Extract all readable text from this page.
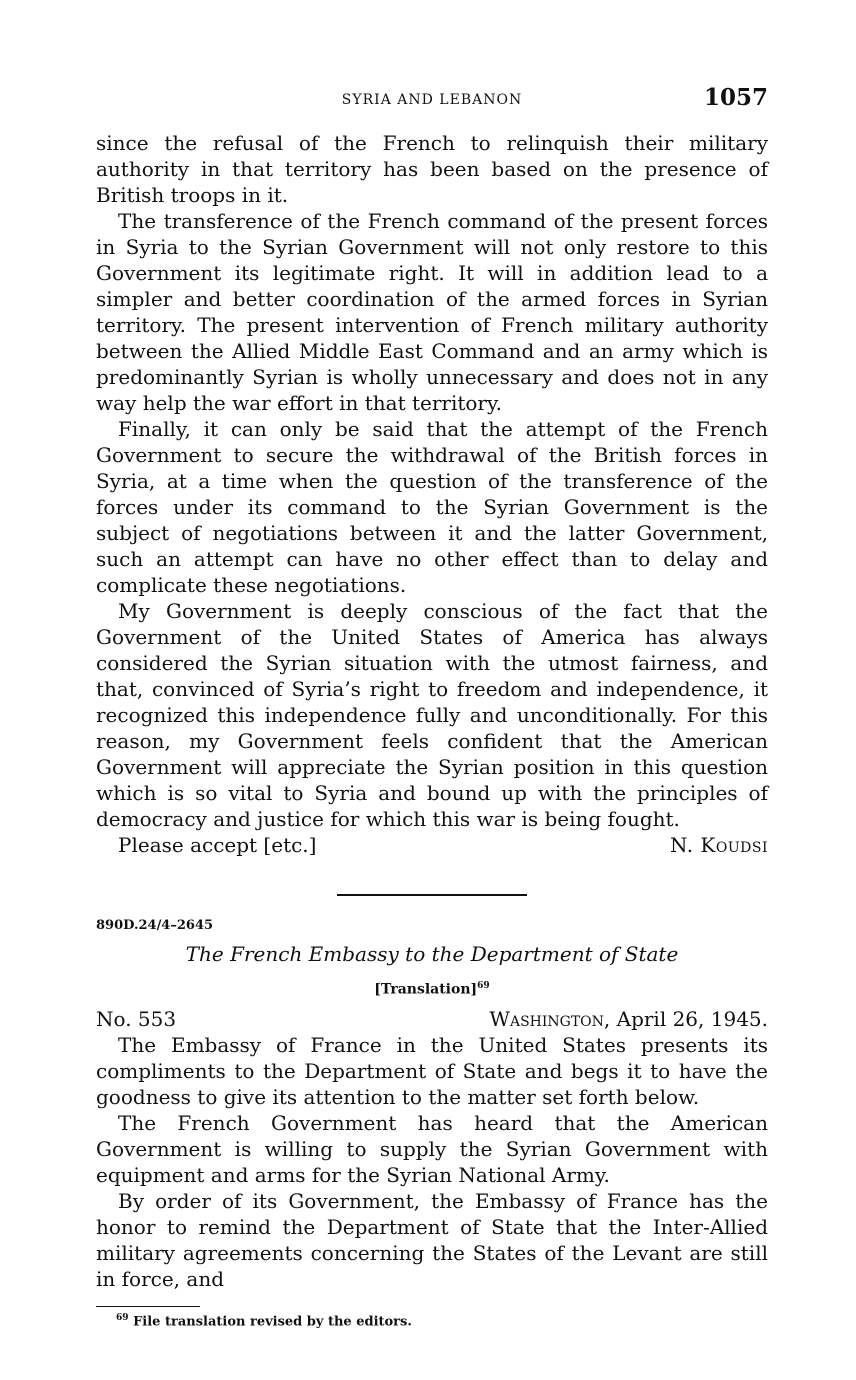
SYRIA AND LEBANON	1057

since the refusal of the French to relinquish their military authority in that territory has been based on the presence of British troops in it.

The transference of the French command of the present forces in Syria to the Syrian Government will not only restore to this Government its legitimate right. It will in addition lead to a simpler and better coordination of the armed forces in Syrian territory. The present intervention of French military authority between the Allied Middle East Command and an army which is predominantly Syrian is wholly unnecessary and does not in any way help the war effort in that territory.

Finally, it can only be said that the attempt of the French Government to secure the withdrawal of the British forces in Syria, at a time when the question of the transference of the forces under its command to the Syrian Government is the subject of negotiations between it and the latter Government, such an attempt can have no other effect than to delay and complicate these negotiations.

My Government is deeply conscious of the fact that the Government of the United States of America has always considered the Syrian situation with the utmost fairness, and that, convinced of Syria’s right to freedom and independence, it recognized this independence fully and unconditionally. For this reason, my Government feels confident that the American Government will appreciate the Syrian position in this question which is so vital to Syria and bound up with the principles of democracy and justice for which this war is being fought.

Please accept [etc.]	N. Koudsi
890D.24/4–2645
The French Embassy to the Department of State
[Translation]$^{69}$
No. 553	Washington, April 26, 1945.

The Embassy of France in the United States presents its compliments to the Department of State and begs it to have the goodness to give its attention to the matter set forth below.

The French Government has heard that the American Government is willing to supply the Syrian Government with equipment and arms for the Syrian National Army.

By order of its Government, the Embassy of France has the honor to remind the Department of State that the Inter-Allied military agreements concerning the States of the Levant are still in force, and

$^{69}$ File translation revised by the editors.
